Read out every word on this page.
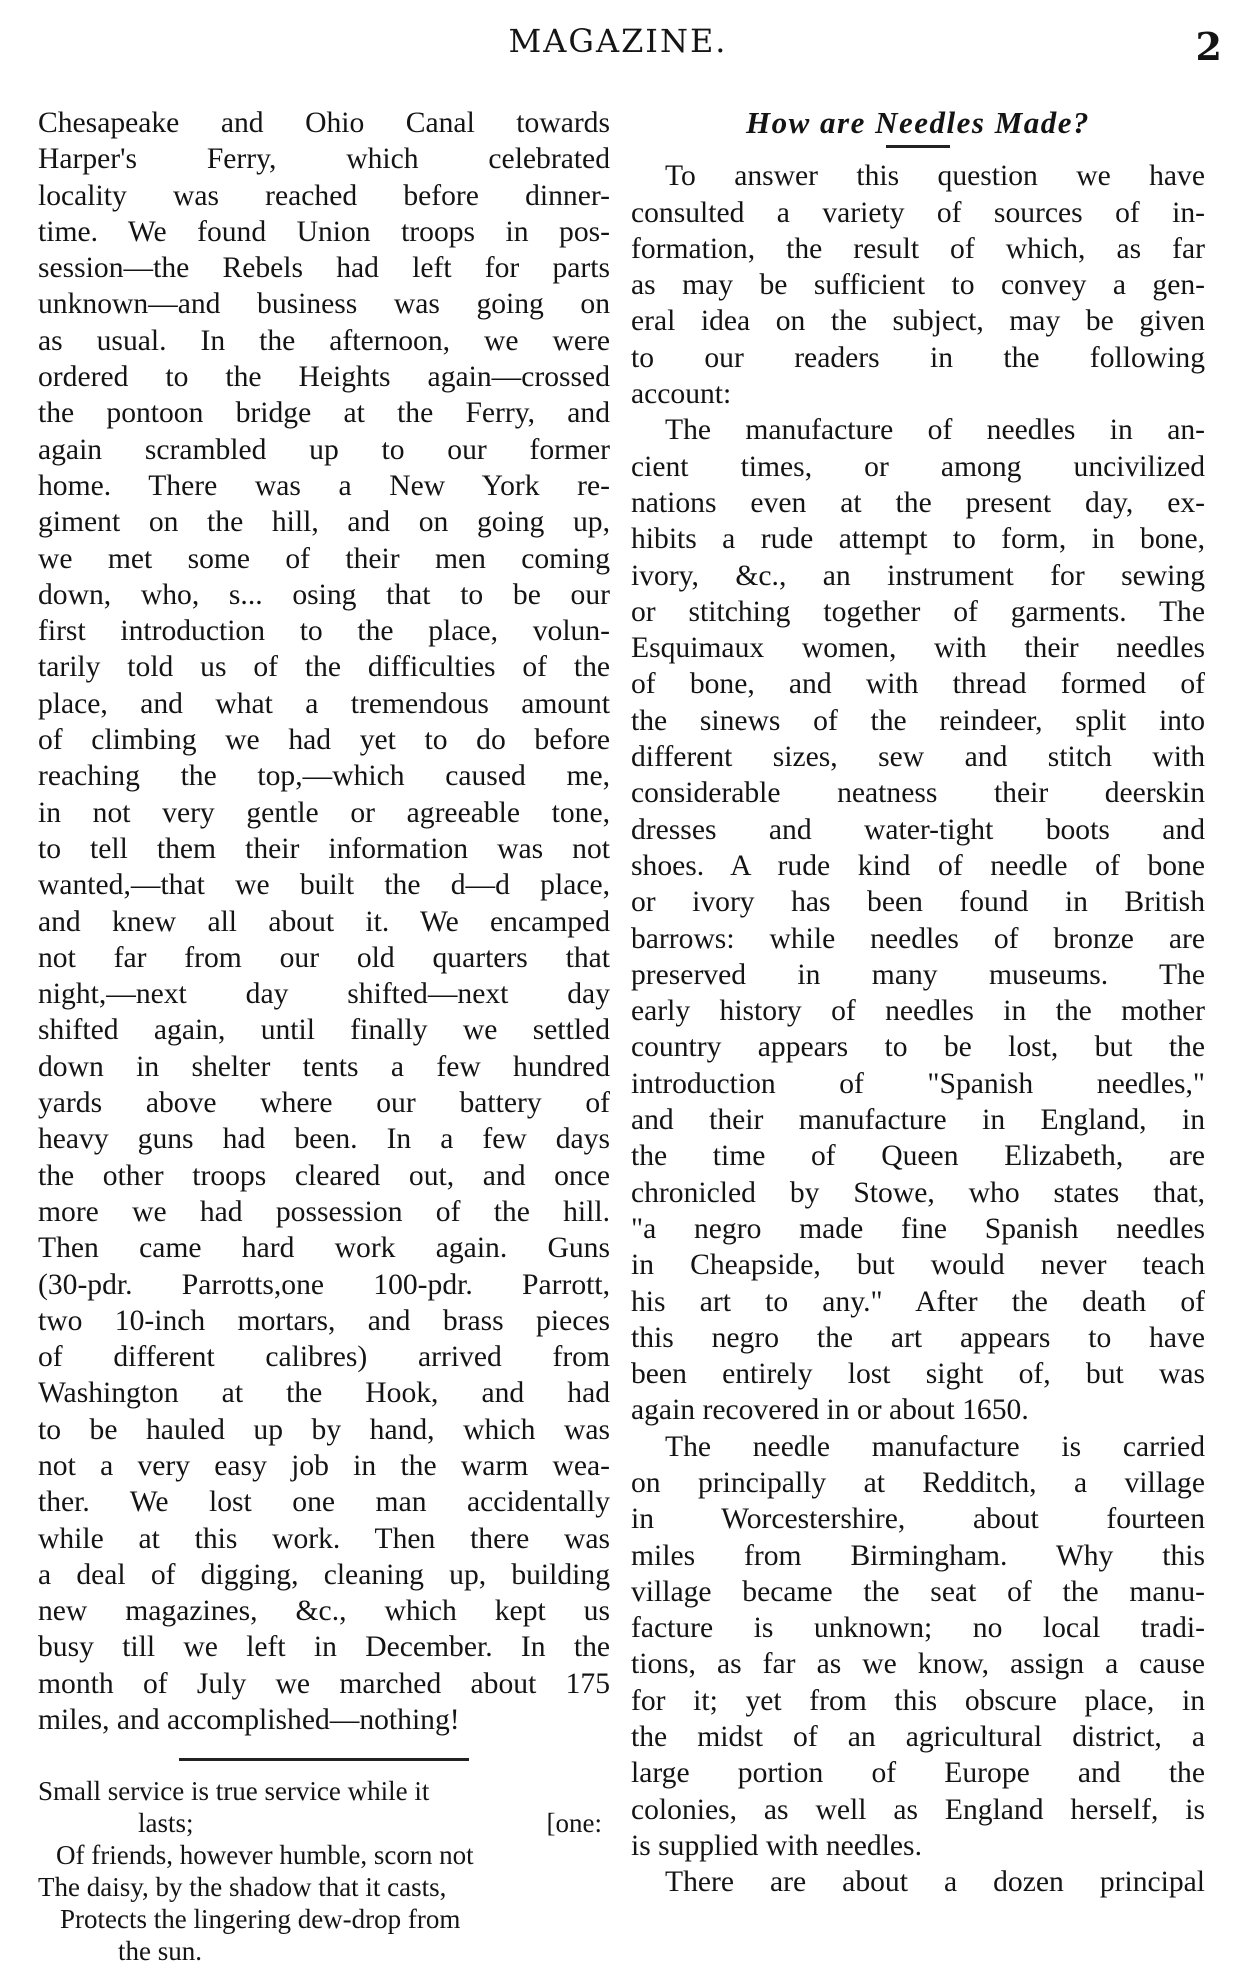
MAGAZINE.	2
Chesapeake and Ohio Canal towards
Harper's Ferry, which celebrated
locality was reached before dinner-
time. We found Union troops in pos-
session—the Rebels had left for parts
unknown—and business was going on
as usual. In the afternoon, we were
ordered to the Heights again—crossed
the pontoon bridge at the Ferry, and
again scrambled up to our former
home. There was a New York re-
giment on the hill, and on going up,
we met some of their men coming
down, who, s... osing that to be our
first introduction to the place, volun-
tarily told us of the difficulties of the
place, and what a tremendous amount
of climbing we had yet to do before
reaching the top,—which caused me,
in not very gentle or agreeable tone,
to tell them their information was not
wanted,—that we built the d—d place,
and knew all about it. We encamped
not far from our old quarters that
night,—next day shifted—next day
shifted again, until finally we settled
down in shelter tents a few hundred
yards above where our battery of
heavy guns had been. In a few days
the other troops cleared out, and once
more we had possession of the hill.
Then came hard work again. Guns
(30-pdr. Parrotts,one 100-pdr. Parrott,
two 10-inch mortars, and brass pieces
of different calibres) arrived from
Washington at the Hook, and had
to be hauled up by hand, which was
not a very easy job in the warm wea-
ther. We lost one man accidentally
while at this work. Then there was
a deal of digging, cleaning up, building
new magazines, &c., which kept us
busy till we left in December. In the
month of July we marched about 175
miles, and accomplished—nothing!
Small service is true service while it
lasts;	[one:
Of friends, however humble, scorn not
The daisy, by the shadow that it casts,
Protects the lingering dew-drop from
the sun.
How are Needles Made?
To answer this question we have
consulted a variety of sources of in-
formation, the result of which, as far
as may be sufficient to convey a gen-
eral idea on the subject, may be given
to our readers in the following
account:
The manufacture of needles in an-
cient times, or among uncivilized
nations even at the present day, ex-
hibits a rude attempt to form, in bone,
ivory, &c., an instrument for sewing
or stitching together of garments. The
Esquimaux women, with their needles
of bone, and with thread formed of
the sinews of the reindeer, split into
different sizes, sew and stitch with
considerable neatness their deerskin
dresses and water-tight boots and
shoes. A rude kind of needle of bone
or ivory has been found in British
barrows: while needles of bronze are
preserved in many museums. The
early history of needles in the mother
country appears to be lost, but the
introduction of "Spanish needles,"
and their manufacture in England, in
the time of Queen Elizabeth, are
chronicled by Stowe, who states that,
"a negro made fine Spanish needles
in Cheapside, but would never teach
his art to any." After the death of
this negro the art appears to have
been entirely lost sight of, but was
again recovered in or about 1650.
The needle manufacture is carried
on principally at Redditch, a village
in Worcestershire, about fourteen
miles from Birmingham. Why this
village became the seat of the manu-
facture is unknown; no local tradi-
tions, as far as we know, assign a cause
for it; yet from this obscure place, in
the midst of an agricultural district, a
large portion of Europe and the
colonies, as well as England herself, is
is supplied with needles.
There are about a dozen principal
